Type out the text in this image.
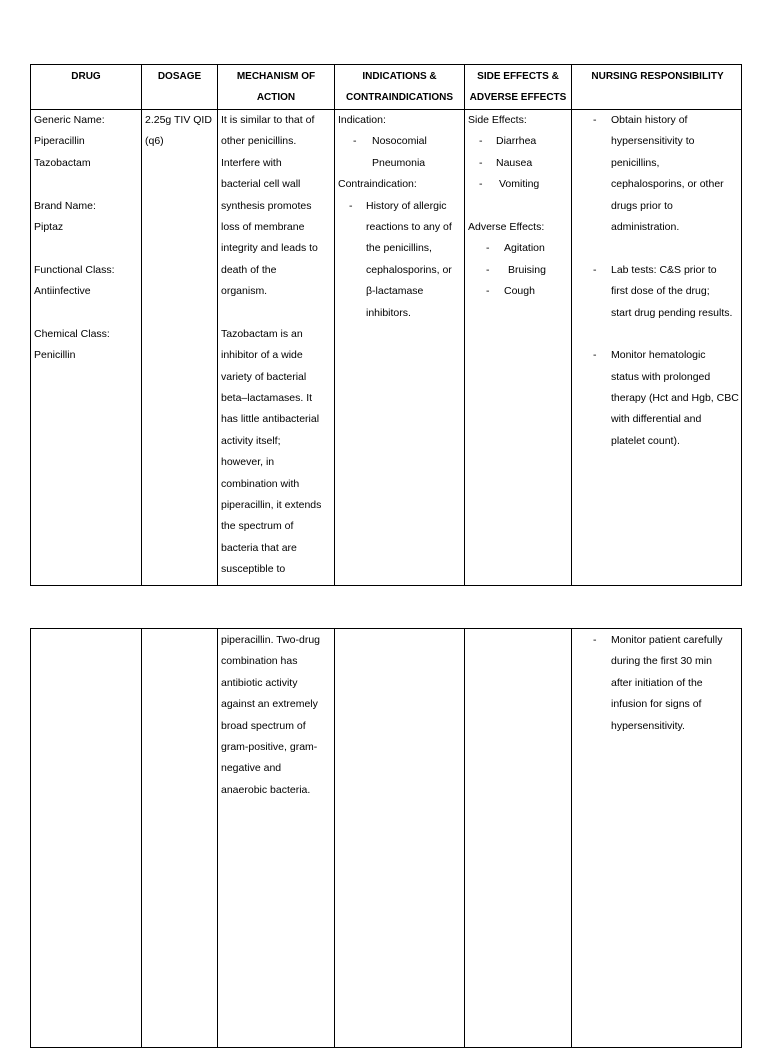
DRUG	DOSAGE	MECHANISM OF
ACTION
INDICATIONS &
CONTRAINDICATIONS
SIDE EFFECTS &
ADVERSE EFFECTS
NURSING RESPONSIBILITY
Generic Name:
Piperacillin
Tazobactam
Brand Name:
Piptaz
Functional Class:
Antiinfective
Chemical Class:
Penicillin
2.25g TIV QID
(q6)
It is similar to that of
other penicillins.
Interfere with
bacterial cell wall
synthesis promotes
loss of membrane
integrity and leads to
death of the
organism.
Tazobactam is an
inhibitor of a wide
variety of bacterial
beta–lactamases. It
has little antibacterial
activity itself;
however, in
combination with
piperacillin, it extends
the spectrum of
bacteria that are
susceptible to
Indication:
- Nosocomial
Pneumonia
Contraindication:
- History of allergic
reactions to any of
the penicillins,
cephalosporins, or
β-lactamase
inhibitors.
Side Effects:
- Diarrhea
- Nausea
- Vomiting
Adverse Effects:
- Agitation
- Bruising
- Cough
- Obtain history of
hypersensitivity to
penicillins,
cephalosporins, or other
drugs prior to
administration.
- Lab tests: C&S prior to
first dose of the drug;
start drug pending results.
- Monitor hematologic
status with prolonged
therapy (Hct and Hgb, CBC
with differential and
platelet count).
piperacillin. Two-drug
combination has
antibiotic activity
against an extremely
broad spectrum of
gram-positive, gram-
negative and
anaerobic bacteria.
- Monitor patient carefully
during the first 30 min
after initiation of the
infusion for signs of
hypersensitivity.
